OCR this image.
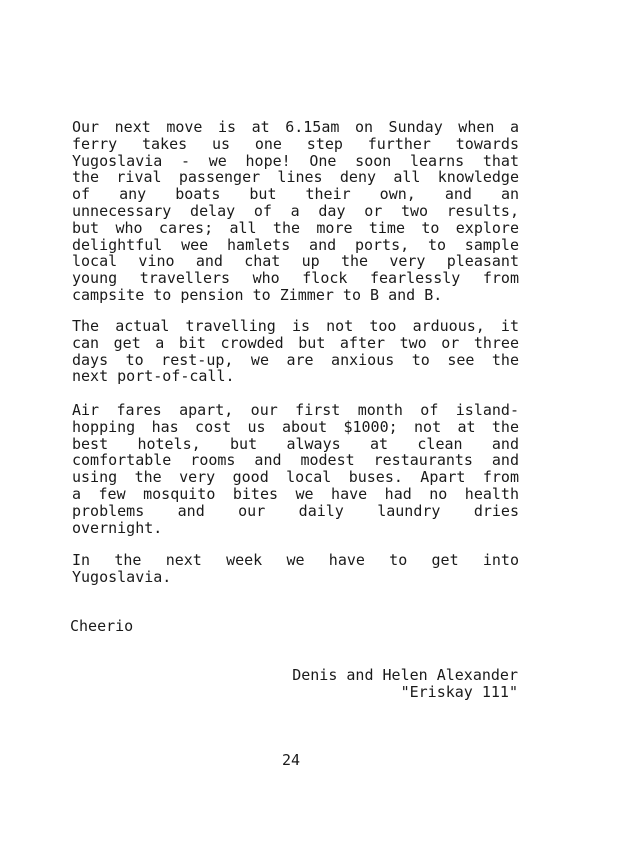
Our next move is at 6.15am on Sunday when a
ferry takes us one step further towards
Yugoslavia - we hope! One soon learns that
the rival passenger lines deny all knowledge
of any boats but their own, and an
unnecessary delay of a day or two results,
but who cares; all the more time to explore
delightful wee hamlets and ports, to sample
local vino and chat up the very pleasant
young travellers who flock fearlessly from
campsite to pension to Zimmer to B and B.
The actual travelling is not too arduous, it
can get a bit crowded but after two or three
days to rest-up, we are anxious to see the
next port-of-call.
Air fares apart, our first month of island-
hopping has cost us about $1000; not at the
best hotels, but always at clean and
comfortable rooms and modest restaurants and
using the very good local buses. Apart from
a few mosquito bites we have had no health
problems and our daily laundry dries
overnight.
In the next week we have to get into
Yugoslavia.
Cheerio
Denis and Helen Alexander
"Eriskay 111"
24
